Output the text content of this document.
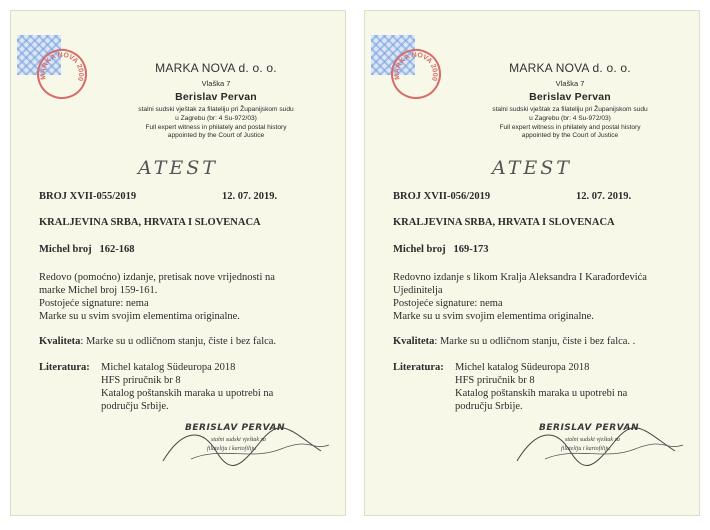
MARKA NOVA 2000
MARKA NOVA d. o. o.
Vlaška 7
Berislav Pervan
stalni sudski vještak za filateliju pri Županijskom sudu
u Zagrebu (br: 4 Su-972/03)
Full expert witness in philately and postal history
appointed by the Court of Justice
ATEST
BROJ XVII-055/2019	12. 07. 2019.
KRALJEVINA SRBA, HRVATA I SLOVENACA
Michel broj 162-168
Redovo (pomoćno) izdanje, pretisak nove vrijednosti na
marke Michel broj 159-161.
Postojeće signature: nema
Marke su u svim svojim elementima originalne.
Kvaliteta: Marke su u odličnom stanju, čiste i bez falca.
Literatura: Michel katalog Südeuropa 2018
HFS priručnik br 8
Katalog poštanskih maraka u upotrebi na
području Srbije.
BERISLAV PERVAN
stalni sudski vještak za
filateliju i kartofiliju
MARKA NOVA 2000
MARKA NOVA d. o. o.
Vlaška 7
Berislav Pervan
stalni sudski vještak za filateliju pri Županijskom sudu
u Zagrebu (br: 4 Su-972/03)
Full expert witness in philately and postal history
appointed by the Court of Justice
ATEST
BROJ XVII-056/2019	12. 07. 2019.
KRALJEVINA SRBA, HRVATA I SLOVENACA
Michel broj 169-173
Redovno izdanje s likom Kralja Aleksandra I Karađorđevića
Ujedinitelja
Postojeće signature: nema
Marke su u svim svojim elementima originalne.
Kvaliteta: Marke su u odličnom stanju, čiste i bez falca. .
Literatura: Michel katalog Südeuropa 2018
HFS priručnik br 8
Katalog poštanskih maraka u upotrebi na
području Srbije.
BERISLAV PERVAN
stalni sudski vještak za
filateliju i kartofiliju
